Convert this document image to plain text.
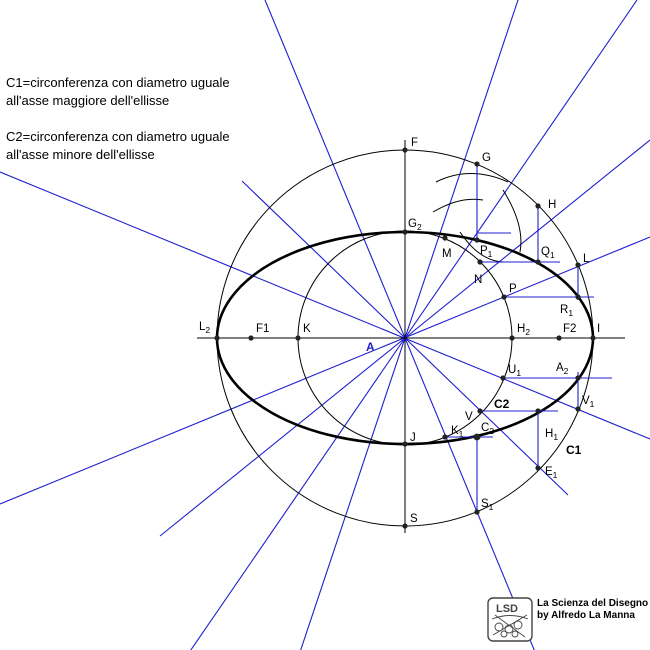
C1=circonferenza con diametro uguale
all'asse maggiore dell'ellisse
C2=circonferenza con diametro uguale
all'asse minore dell'ellisse
F
G
H
$G_2$
M $P_1$	$Q_1$
N
L
P
$R_1$
$L_2$	F1	K
A
$H_2$	F2 I
$U_1$	$A_2$
$V_1$
C2
V
$K_1$ $C_2$	$H_1$
J
C1
$E_1$
$S_1$
S
LSD La Scienza del Disegno
by Alfredo La Manna
